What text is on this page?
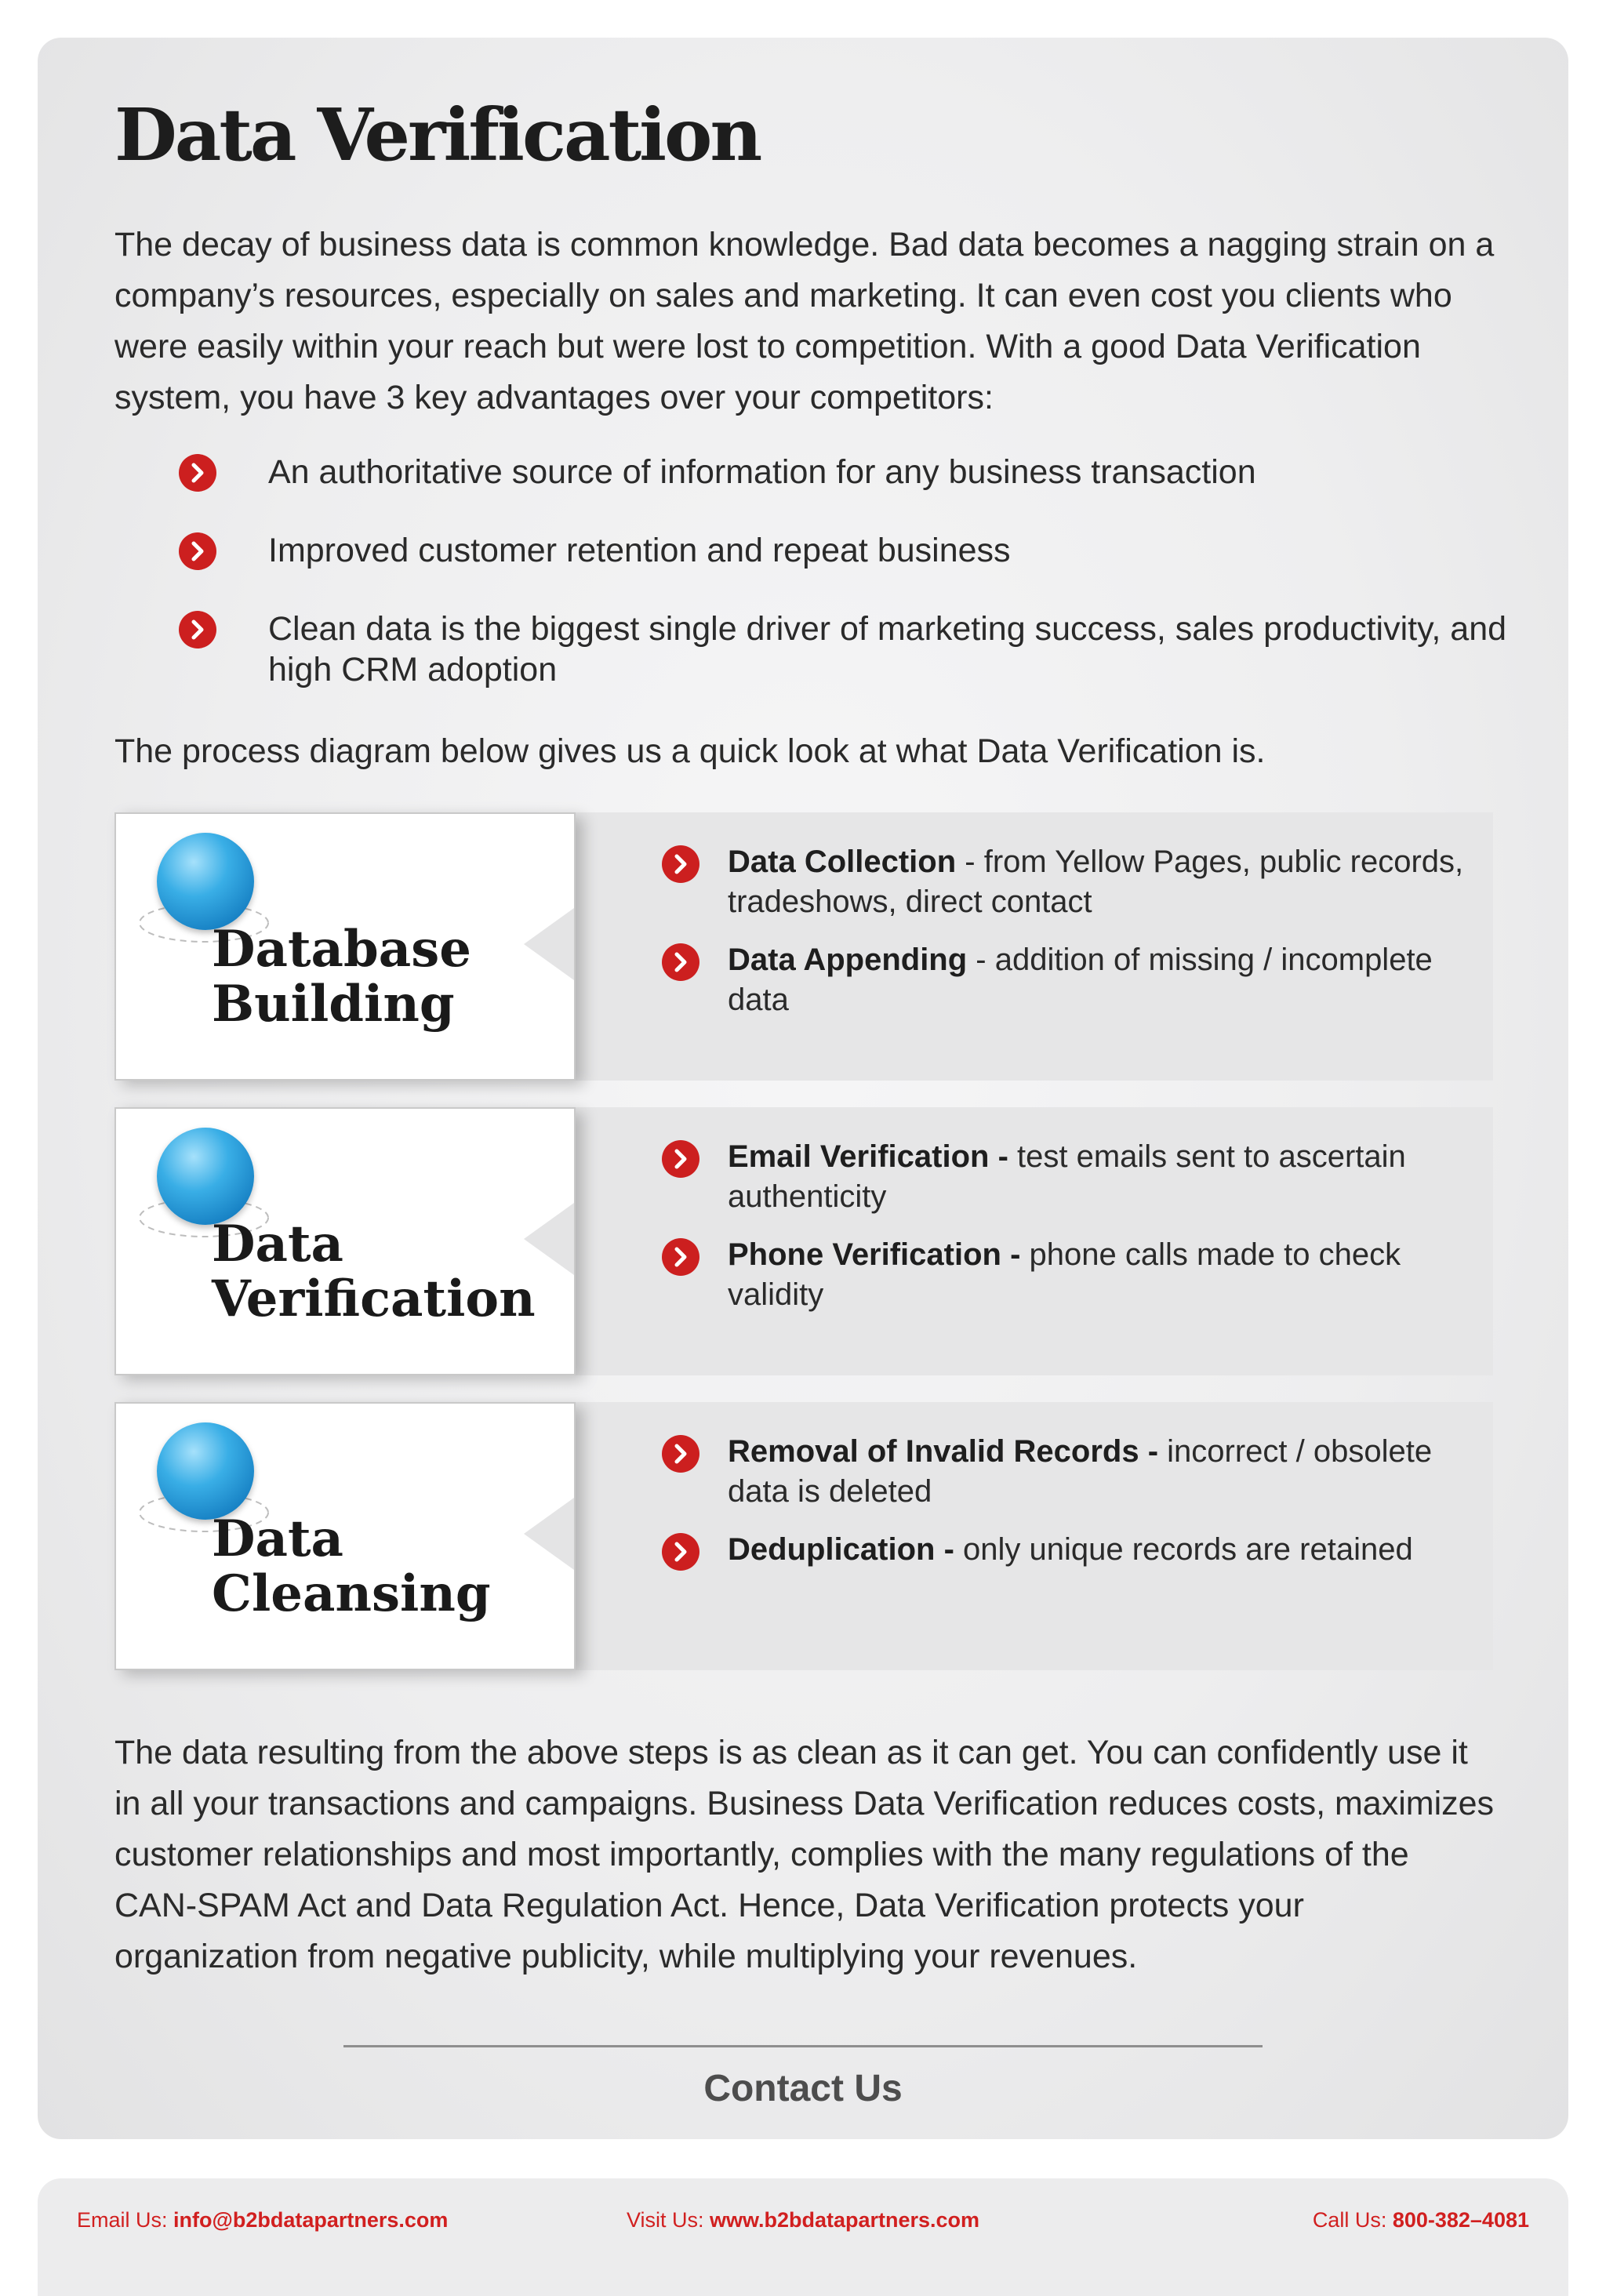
Data Verification

The decay of business data is common knowledge. Bad data becomes a nagging strain on a company’s resources, especially on sales and marketing. It can even cost you clients who were easily within your reach but were lost to competition. With a good Data Verification system, you have 3 key advantages over your competitors:

An authoritative source of information for any business transaction
Improved customer retention and repeat business
Clean data is the biggest single driver of marketing success, sales productivity, and high CRM adoption

The process diagram below gives us a quick look at what Data Verification is.

Database
Building
Data Collection - from Yellow Pages, public records, tradeshows, direct contact
Data Appending - addition of missing / incomplete data
Data
Verification
Email Verification - test emails sent to ascertain authenticity
Phone Verification - phone calls made to check validity
Data
Cleansing
Removal of Invalid Records - incorrect / obsolete data is deleted
Deduplication - only unique records are retained

The data resulting from the above steps is as clean as it can get. You can confidently use it in all your transactions and campaigns. Business Data Verification reduces costs, maximizes customer relationships and most importantly, complies with the many regulations of the CAN-SPAM Act and Data Regulation Act. Hence, Data Verification protects your organization from negative publicity, while multiplying your revenues.

Contact Us

Email Us: info@b2bdatapartners.com	Visit Us: www.b2bdatapartners.com	Call Us: 800-382–4081
